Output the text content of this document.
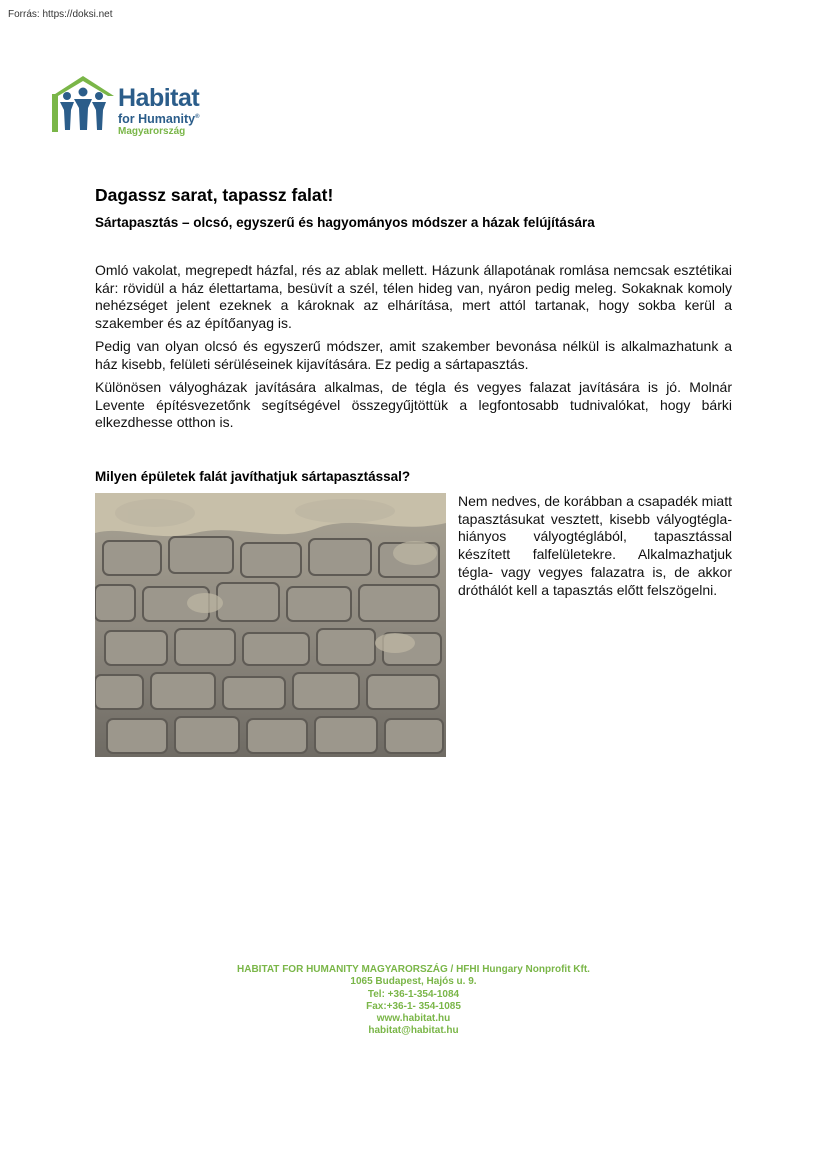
Forrás: https://doksi.net
Habitat
for Humanity®
Magyarország
Dagassz sarat, tapassz falat!
Sártapasztás – olcsó, egyszerű és hagyományos módszer a házak felújítására

Omló vakolat, megrepedt házfal, rés az ablak mellett. Házunk állapotának romlása nemcsak esztétikai kár: rövidül a ház élettartama, besüvít a szél, télen hideg van, nyáron pedig meleg. Sokaknak komoly nehézséget jelent ezeknek a károknak az elhárítása, mert attól tartanak, hogy sokba kerül a szakember és az építőanyag is.

Pedig van olyan olcsó és egyszerű módszer, amit szakember bevonása nélkül is alkalmazhatunk a ház kisebb, felületi sérüléseinek kijavítására. Ez pedig a sártapasztás.

Különösen vályogházak javítására alkalmas, de tégla és vegyes falazat javítására is jó. Molnár Levente építésvezetőnk segítségével összegyűjtöttük a legfontosabb tudnivalókat, hogy bárki elkezdhesse otthon is.

Milyen épületek falát javíthatjuk sártapasztással?
Nem nedves, de korábban a csapadék miatt tapasztásukat vesztett, kisebb vályogtégla-hiányos vályogtéglából, tapasztással készített falfelületekre. Alkalmazhatjuk tégla- vagy vegyes falazatra is, de akkor dróthálót kell a tapasztás előtt felszögelni.
HABITAT FOR HUMANITY MAGYARORSZÁG / HFHI Hungary Nonprofit Kft.
1065 Budapest, Hajós u. 9.
Tel: +36-1-354-1084
Fax:+36-1- 354-1085
www.habitat.hu
habitat@habitat.hu
